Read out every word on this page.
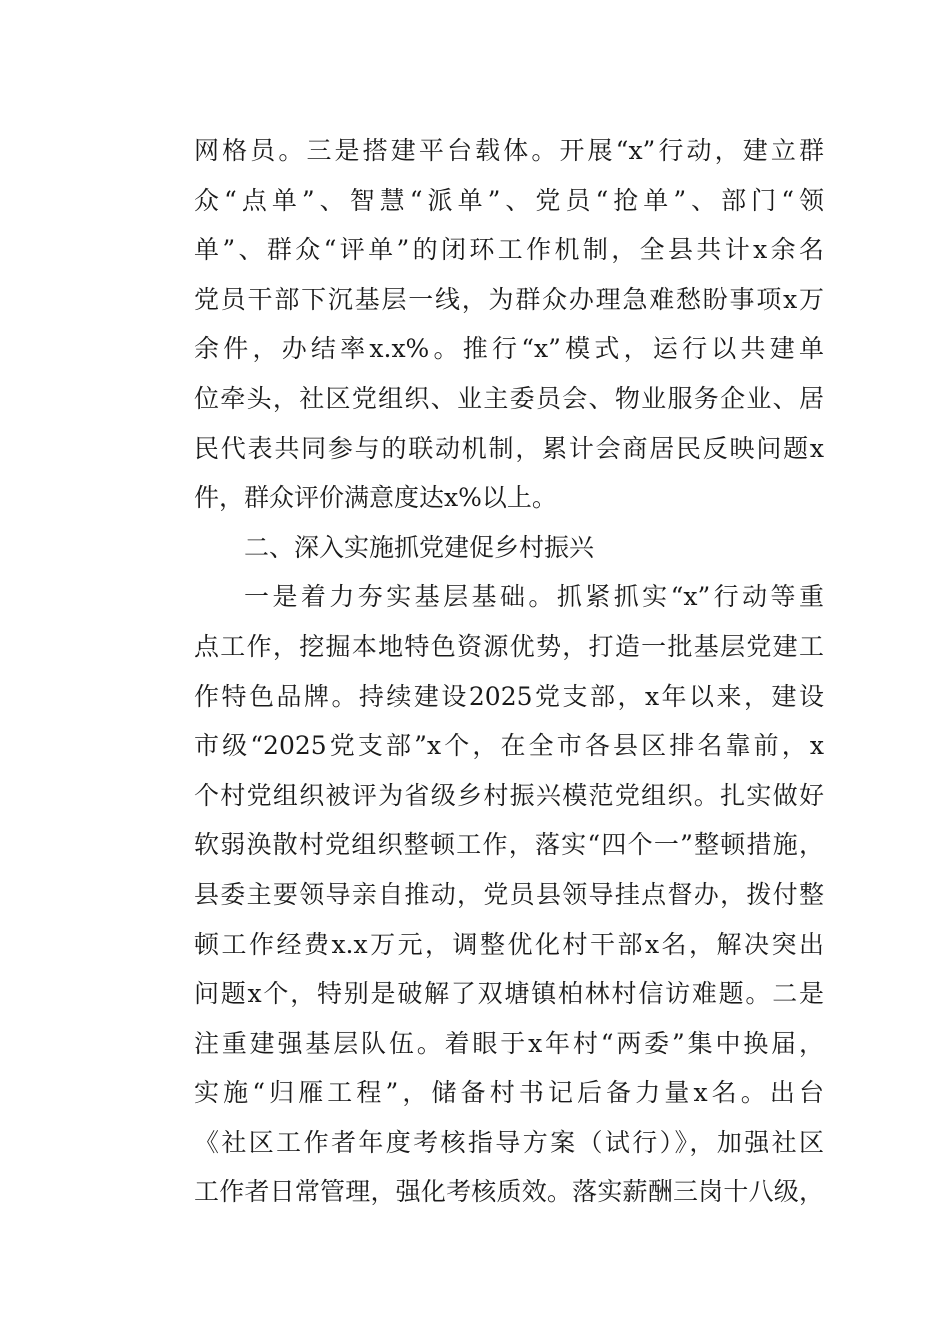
网格员。三是搭建平台载体。开展“x”行动，建立群
众“点单”、智慧“派单”、党员“抢单”、部门“领
单”、群众“评单”的闭环工作机制，全县共计x余名
党员干部下沉基层一线，为群众办理急难愁盼事项x万
余件，办结率x.x%。推行“x”模式，运行以共建单
位牵头，社区党组织、业主委员会、物业服务企业、居
民代表共同参与的联动机制，累计会商居民反映问题x
件，群众评价满意度达x%以上。
二、深入实施抓党建促乡村振兴
一是着力夯实基层基础。抓紧抓实“x”行动等重
点工作，挖掘本地特色资源优势，打造一批基层党建工
作特色品牌。持续建设2025党支部，x年以来，建设
市级“2025党支部”x个，在全市各县区排名靠前，x
个村党组织被评为省级乡村振兴模范党组织。扎实做好
软弱涣散村党组织整顿工作，落实“四个一”整顿措施，
县委主要领导亲自推动，党员县领导挂点督办，拨付整
顿工作经费x.x万元，调整优化村干部x名，解决突出
问题x个，特别是破解了双塘镇柏林村信访难题。二是
注重建强基层队伍。着眼于x年村“两委”集中换届，
实施“归雁工程”，储备村书记后备力量x名。出台
《社区工作者年度考核指导方案（试行）》，加强社区
工作者日常管理，强化考核质效。落实薪酬三岗十八级，
